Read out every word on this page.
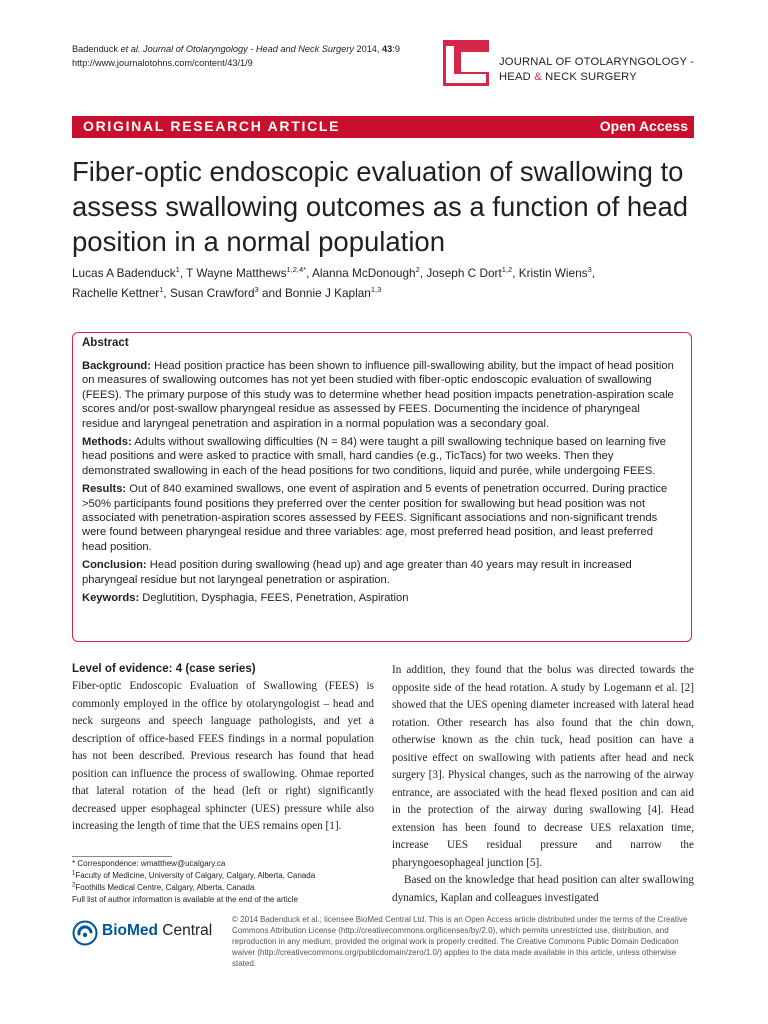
Badenduck et al. Journal of Otolaryngology - Head and Neck Surgery 2014, 43:9
http://www.journalotohns.com/content/43/1/9	JOURNAL OF OTOLARYNGOLOGY -
HEAD & NECK SURGERY
ORIGINAL RESEARCH ARTICLE	Open Access
Fiber-optic endoscopic evaluation of swallowing to assess swallowing outcomes as a function of head position in a normal population
Lucas A Badenduck$^1$, T Wayne Matthews$^{1,2,4*}$, Alanna McDonough$^2$, Joseph C Dort$^{1,2}$, Kristin Wiens$^3$,
Rachelle Kettner$^1$, Susan Crawford$^3$ and Bonnie J Kaplan$^{1,3}$
Abstract

Background: Head position practice has been shown to influence pill-swallowing ability, but the impact of head position on measures of swallowing outcomes has not yet been studied with fiber-optic endoscopic evaluation of swallowing (FEES). The primary purpose of this study was to determine whether head position impacts penetration-aspiration scale scores and/or post-swallow pharyngeal residue as assessed by FEES. Documenting the incidence of pharyngeal residue and laryngeal penetration and aspiration in a normal population was a secondary goal.

Methods: Adults without swallowing difficulties (N = 84) were taught a pill swallowing technique based on learning five head positions and were asked to practice with small, hard candies (e.g., TicTacs) for two weeks. Then they demonstrated swallowing in each of the head positions for two conditions, liquid and purée, while undergoing FEES.

Results: Out of 840 examined swallows, one event of aspiration and 5 events of penetration occurred. During practice >50% participants found positions they preferred over the center position for swallowing but head position was not associated with penetration-aspiration scores assessed by FEES. Significant associations and non-significant trends were found between pharyngeal residue and three variables: age, most preferred head position, and least preferred head position.

Conclusion: Head position during swallowing (head up) and age greater than 40 years may result in increased pharyngeal residue but not laryngeal penetration or aspiration.

Keywords: Deglutition, Dysphagia, FEES, Penetration, Aspiration

Level of evidence: 4 (case series)

Fiber-optic Endoscopic Evaluation of Swallowing (FEES) is commonly employed in the office by otolaryngologist – head and neck surgeons and speech language pathologists, and yet a description of office-based FEES findings in a normal population has not been described. Previous research has found that head position can influence the process of swallowing. Ohmae reported that lateral rotation of the head (left or right) significantly decreased upper esophageal sphincter (UES) pressure while also increasing the length of time that the UES remains open [1].

In addition, they found that the bolus was directed towards the opposite side of the head rotation. A study by Logemann et al. [2] showed that the UES opening diameter increased with lateral head rotation. Other research has also found that the chin down, otherwise known as the chin tuck, head position can have a positive effect on swallowing with patients after head and neck surgery [3]. Physical changes, such as the narrowing of the airway entrance, are associated with the head flexed position and can aid in the protection of the airway during swallowing [4]. Head extension has been found to decrease UES relaxation time, increase UES residual pressure and narrow the pharyngoesophageal junction [5].

Based on the knowledge that head position can alter swallowing dynamics, Kaplan and colleagues investigated

* Correspondence: wmatthew@ucalgary.ca
$^1$Faculty of Medicine, University of Calgary, Calgary, Alberta, Canada
$^2$Foothills Medical Centre, Calgary, Alberta, Canada
Full list of author information is available at the end of the article
BioMed Central
© 2014 Badenduck et al.; licensee BioMed Central Ltd. This is an Open Access article distributed under the terms of the Creative Commons Attribution License (http://creativecommons.org/licenses/by/2.0), which permits unrestricted use, distribution, and reproduction in any medium, provided the original work is properly credited. The Creative Commons Public Domain Dedication waiver (http://creativecommons.org/publicdomain/zero/1.0/) applies to the data made available in this article, unless otherwise stated.
